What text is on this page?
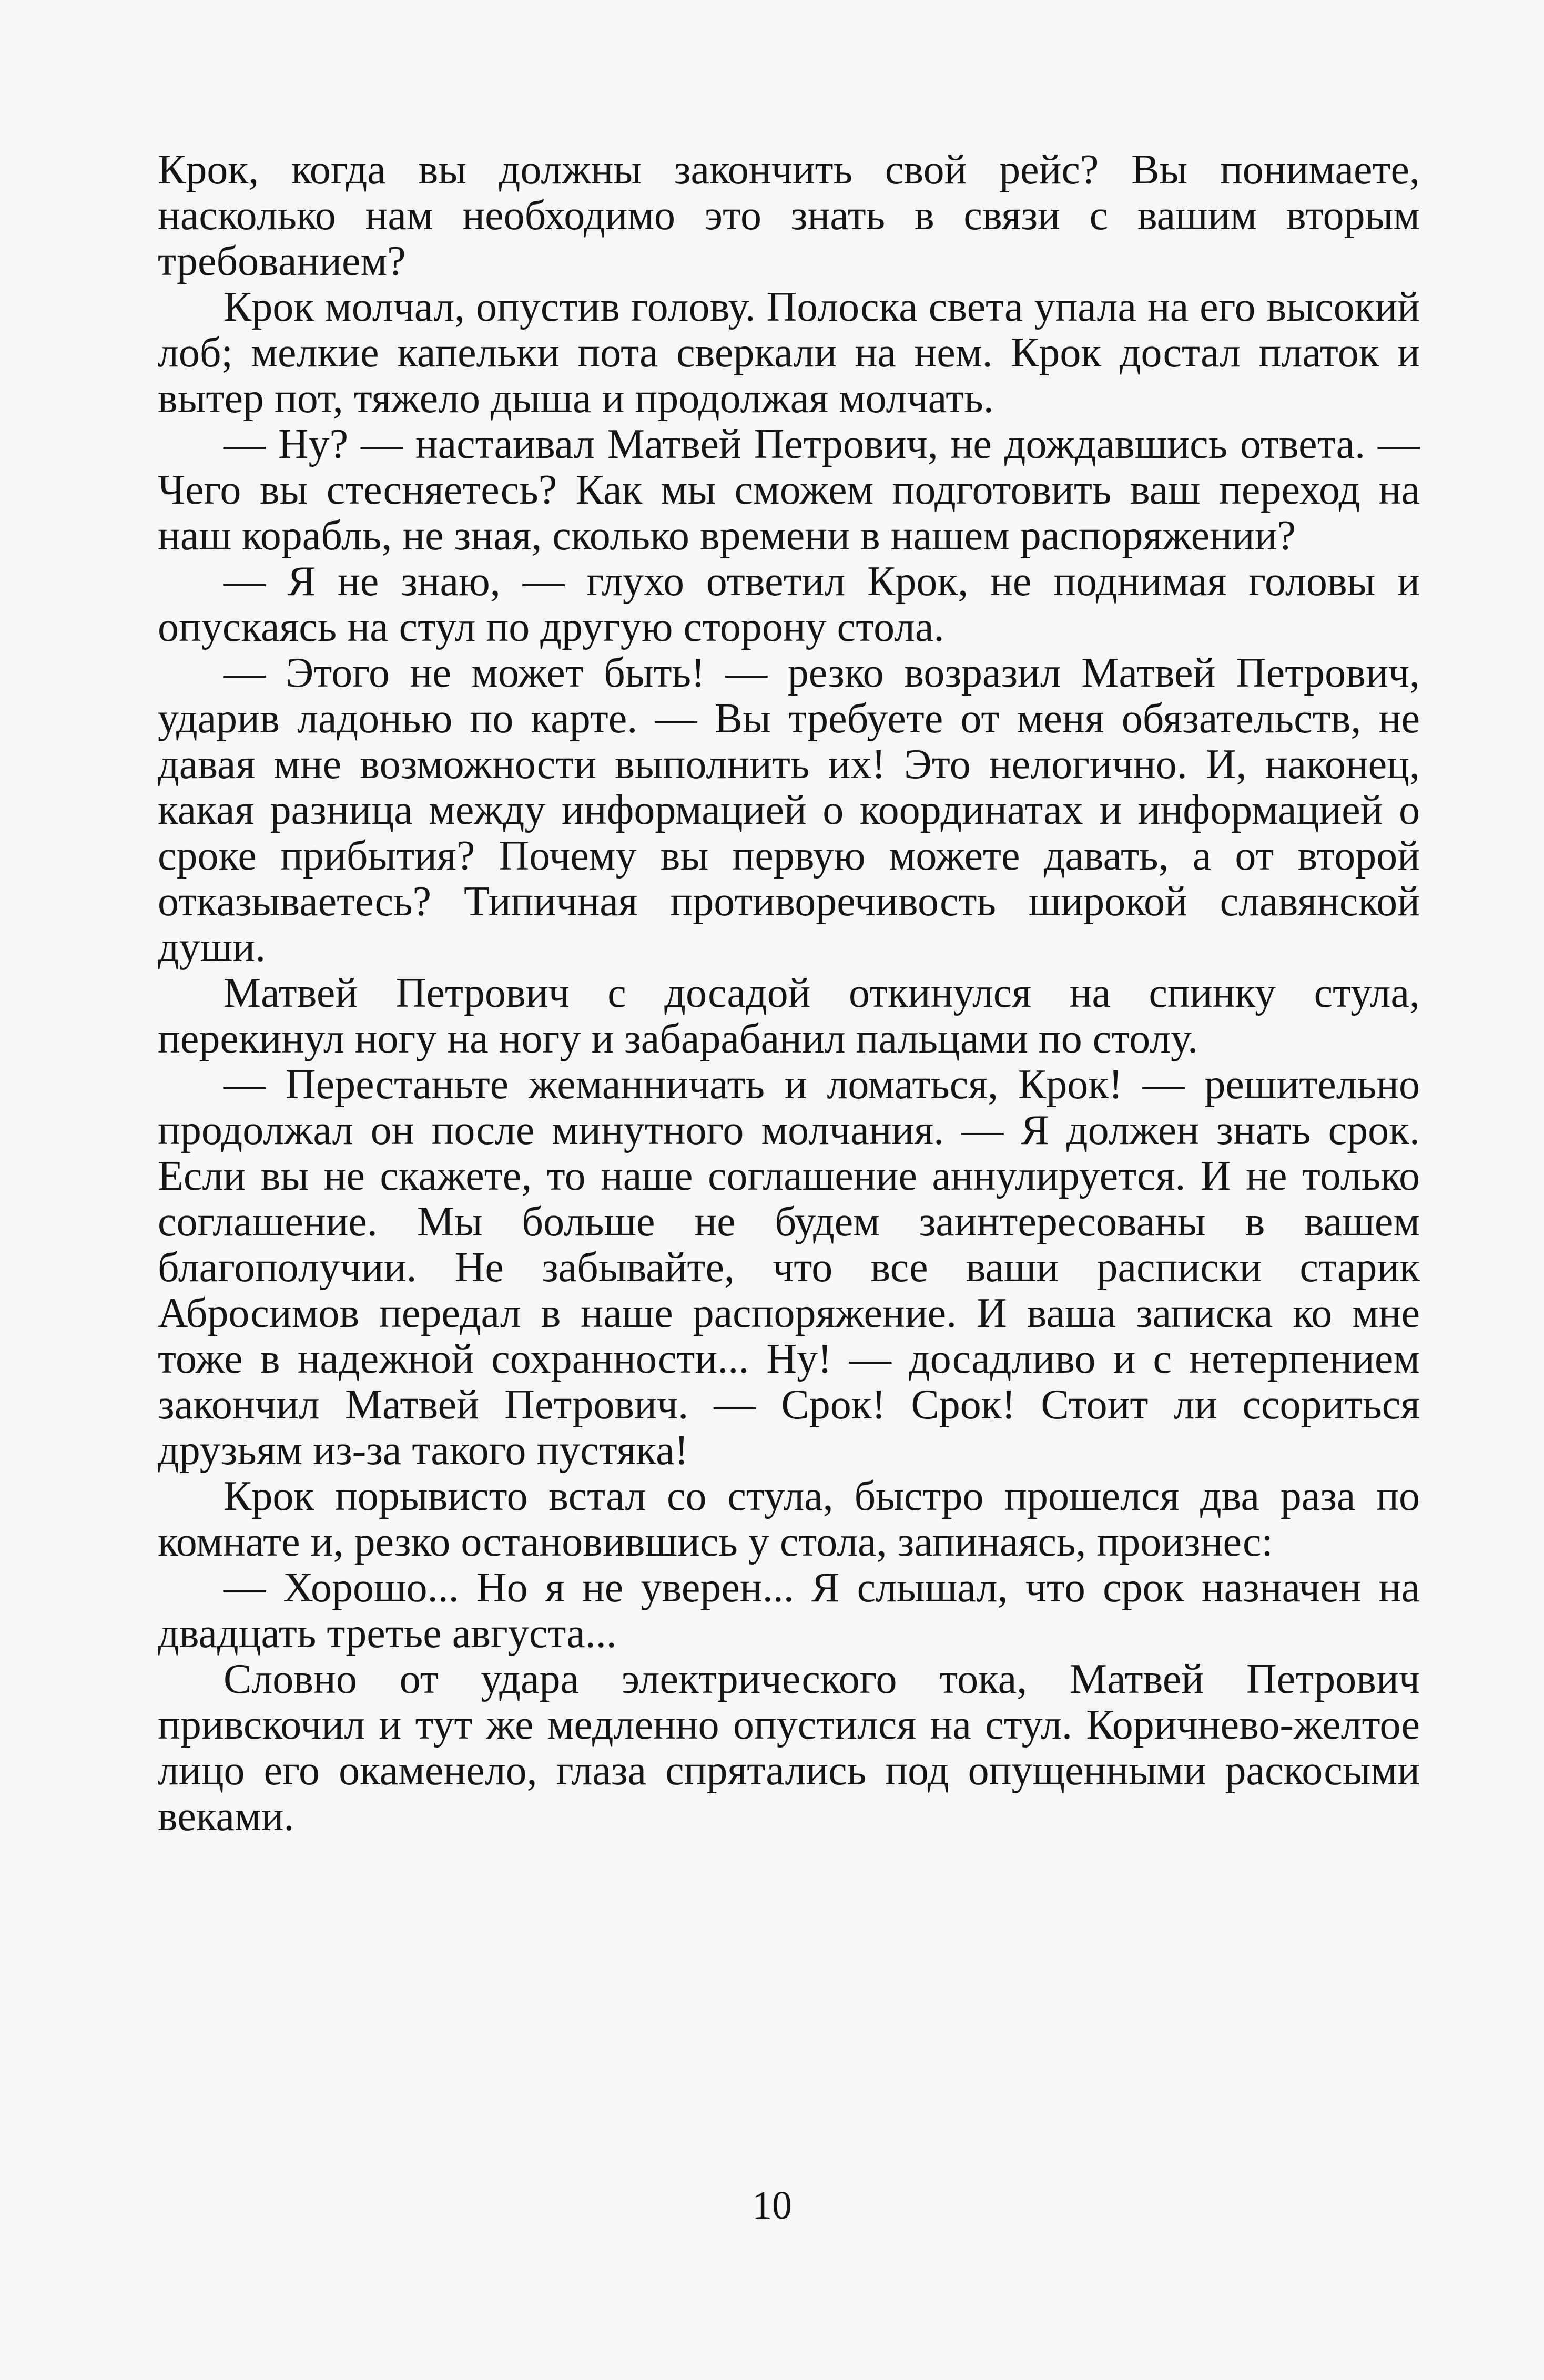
Крок, когда вы должны закончить свой рейс? Вы понимаете, насколько нам необходимо это знать в связи с вашим вторым требованием?

Крок молчал, опустив голову. Полоска света упала на его высокий лоб; мелкие капельки пота сверкали на нем. Крок достал платок и вытер пот, тяжело дыша и продолжая молчать.

— Ну? — настаивал Матвей Петрович, не дождавшись ответа. — Чего вы стесняетесь? Как мы сможем подготовить ваш переход на наш корабль, не зная, сколько времени в нашем распоряжении?

— Я не знаю, — глухо ответил Крок, не поднимая головы и опускаясь на стул по другую сторону стола.

— Этого не может быть! — резко возразил Матвей Петрович, ударив ладонью по карте. — Вы требуете от меня обязательств, не давая мне возможности выполнить их! Это нелогично. И, наконец, какая разница между информацией о координатах и информацией о сроке прибытия? Почему вы первую можете давать, а от второй отказываетесь? Типичная противоречивость широкой славянской души.

Матвей Петрович с досадой откинулся на спинку стула, перекинул ногу на ногу и забарабанил пальцами по столу.

— Перестаньте жеманничать и ломаться, Крок! — решительно продолжал он после минутного молчания. — Я должен знать срок. Если вы не скажете, то наше соглашение аннулируется. И не только соглашение. Мы больше не будем заинтересованы в вашем благополучии. Не забывайте, что все ваши расписки старик Абросимов передал в наше распоряжение. И ваша записка ко мне тоже в надежной сохранности... Ну! — досадливо и с нетерпением закончил Матвей Петрович. — Срок! Срок! Стоит ли ссориться друзьям из-за такого пустяка!

Крок порывисто встал со стула, быстро прошелся два раза по комнате и, резко остановившись у стола, запинаясь, произнес:

— Хорошо... Но я не уверен... Я слышал, что срок назначен на двадцать третье августа...

Словно от удара электрического тока, Матвей Петрович привскочил и тут же медленно опустился на стул. Коричнево-желтое лицо его окаменело, глаза спрятались под опущенными раскосыми веками.

10
